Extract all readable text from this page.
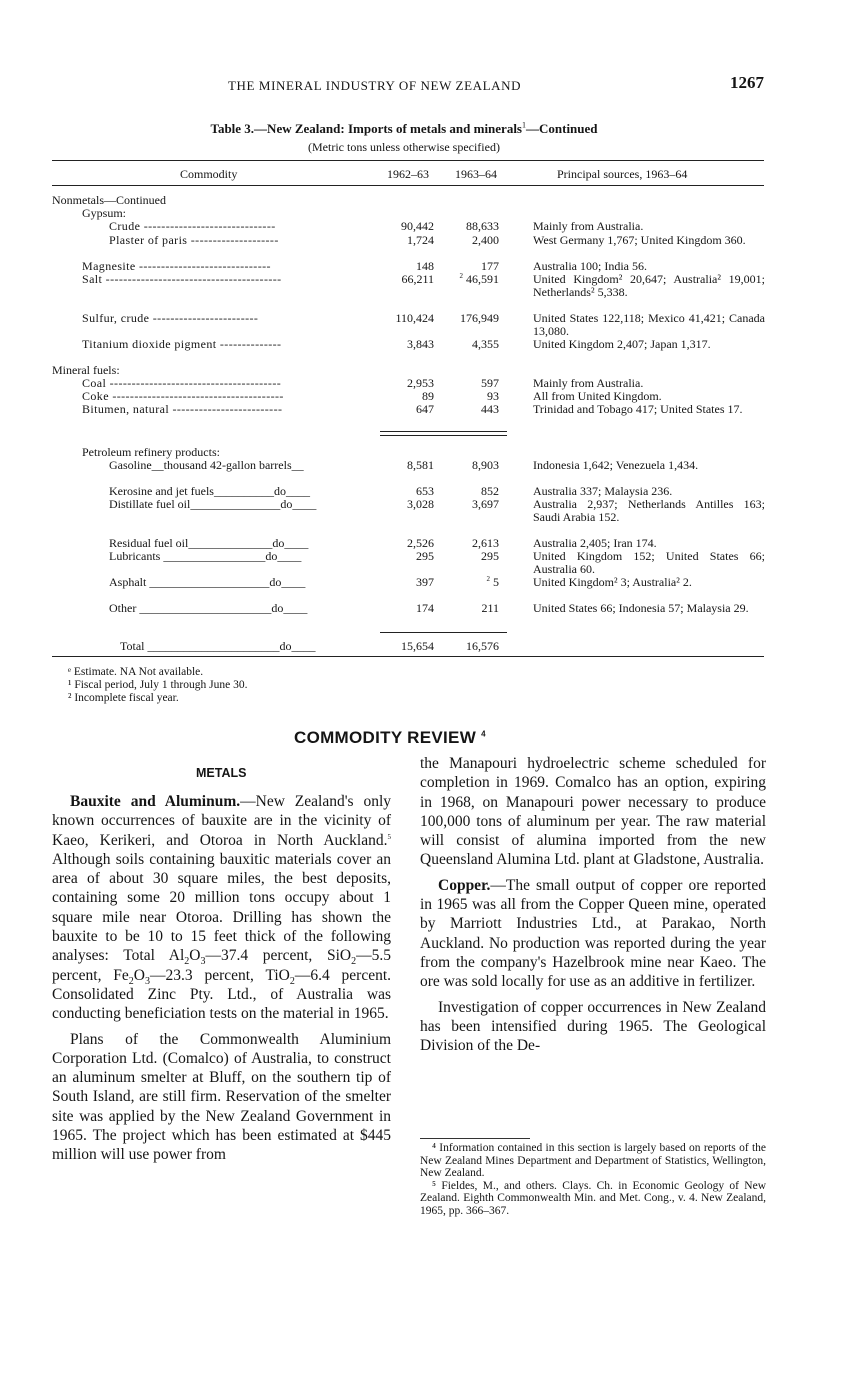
THE MINERAL INDUSTRY OF NEW ZEALAND	1267
Table 3.—New Zealand: Imports of metals and minerals$^1$—Continued
(Metric tons unless otherwise specified)
Commodity	1962–63 1963–64	Principal sources, 1963–64
Nonmetals—Continued
Gypsum:
Crude ------------------------------	90,442	88,633	Mainly from Australia.
Plaster of paris --------------------	1,724	2,400	West Germany 1,767; United Kingdom 360.
Magnesite ------------------------------	148	177	Australia 100; India 56.
Salt ----------------------------------------	66,211	$^2$ 46,591	United Kingdom² 20,647; Australia² 19,001; Netherlands² 5,338.
Sulfur, crude ------------------------	110,424	176,949	United States 122,118; Mexico 41,421; Canada 13,080.
Titanium dioxide pigment --------------	3,843	4,355	United Kingdom 2,407; Japan 1,317.
Mineral fuels:
Coal ---------------------------------------	2,953	597	Mainly from Australia.
Coke ---------------------------------------	89	93	All from United Kingdom.
Bitumen, natural -------------------------	647	443	Trinidad and Tobago 417; United States 17.
Petroleum refinery products:
Gasoline__thousand 42-gallon barrels__	8,581	8,903	Indonesia 1,642; Venezuela 1,434.
Kerosine and jet fuels__________do____	653	852	Australia 337; Malaysia 236.
Distillate fuel oil_______________do____	3,028	3,697	Australia 2,937; Netherlands Antilles 163; Saudi Arabia 152.
Residual fuel oil______________do____	2,526	2,613	Australia 2,405; Iran 174.
Lubricants _________________do____	295	295	United Kingdom 152; United States 66; Australia 60.
Asphalt ____________________do____	397	$^2$ 5	United Kingdom² 3; Australia² 2.
Other ______________________do____	174	211	United States 66; Indonesia 57; Malaysia 29.
Total ______________________do____	15,654	16,576
ᵉ Estimate. NA Not available.
¹ Fiscal period, July 1 through June 30.
² Incomplete fiscal year.
COMMODITY REVIEW $^4$
METALS

Bauxite and Aluminum.—New Zealand's only known occurrences of bauxite are in the vicinity of Kaeo, Kerikeri, and Otoroa in North Auckland.$^5$ Although soils containing bauxitic materials cover an area of about 30 square miles, the best deposits, containing some 20 million tons occupy about 1 square mile near Otoroa. Drilling has shown the bauxite to be 10 to 15 feet thick of the following analyses: Total $Al_2O_3—37.4$ percent, SiO$_2$—5.5 percent, $Fe_2O_3—23.3$ percent, TiO$_2$—6.4 percent. Consolidated Zinc Pty. Ltd., of Australia was conducting beneficiation tests on the material in 1965.

Plans of the Commonwealth Aluminium Corporation Ltd. (Comalco) of Australia, to construct an aluminum smelter at Bluff, on the southern tip of South Island, are still firm. Reservation of the smelter site was applied by the New Zealand Government in 1965. The project which has been estimated at $445 million will use power from

the Manapouri hydroelectric scheme scheduled for completion in 1969. Comalco has an option, expiring in 1968, on Manapouri power necessary to produce 100,000 tons of aluminum per year. The raw material will consist of alumina imported from the new Queensland Alumina Ltd. plant at Gladstone, Australia.

Copper.—The small output of copper ore reported in 1965 was all from the Copper Queen mine, operated by Marriott Industries Ltd., at Parakao, North Auckland. No production was reported during the year from the company's Hazelbrook mine near Kaeo. The ore was sold locally for use as an additive in fertilizer.

Investigation of copper occurrences in New Zealand has been intensified during 1965. The Geological Division of the De-

⁴ Information contained in this section is largely based on reports of the New Zealand Mines Department and Department of Statistics, Wellington, New Zealand.

⁵ Fieldes, M., and others. Clays. Ch. in Economic Geology of New Zealand. Eighth Commonwealth Min. and Met. Cong., v. 4. New Zealand, 1965, pp. 366–367.
